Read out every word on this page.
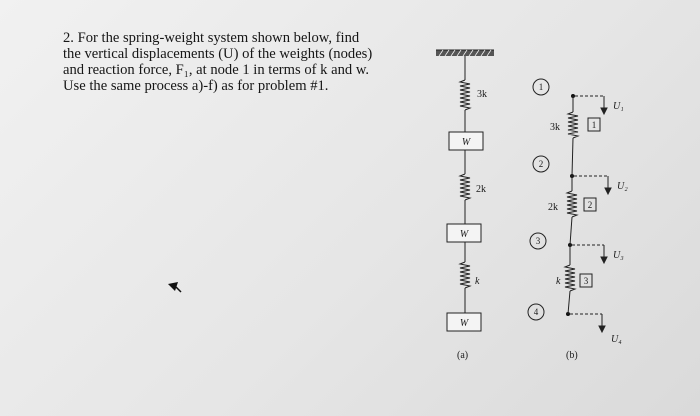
2. For the spring-weight system shown below, find
the vertical displacements (U) of the weights (nodes)
and reaction force, F₁, at node 1 in terms of k and w.
Use the same process a)-f) as for problem #1.

3k
W
2k
W
k
W
(a)
1
2
3
4
3k	1
2k	2
k	3
U₁
U₂
U₃
U₄
(b)
